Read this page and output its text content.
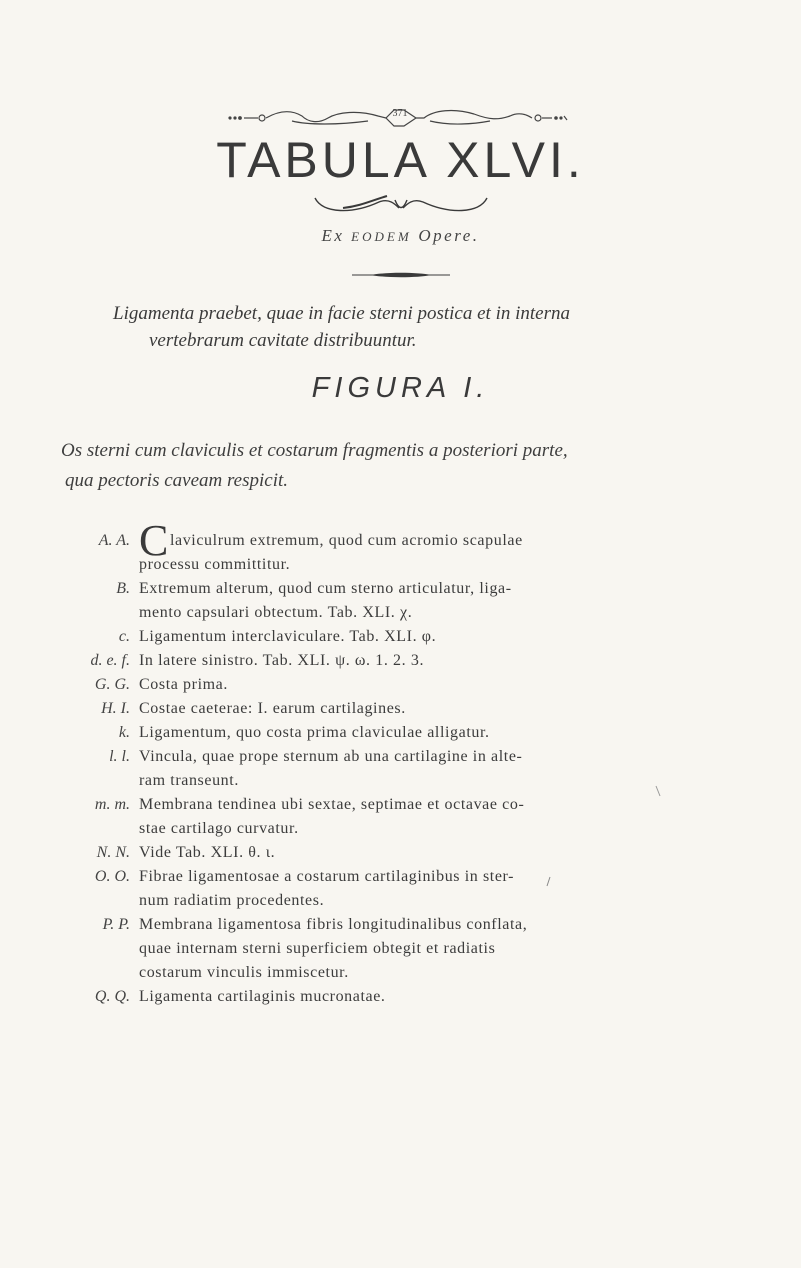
371
TABULA XLVI.
Ex EODEM Opere.
Ligamenta praebet, quae in facie sterni postica et in interna
vertebrarum cavitate distribuuntur.
FIGURA I.
Os sterni cum claviculis et costarum fragmentis a posteriori parte,
qua pectoris caveam respicit.
A. A. Claviculrum extremum, quod cum acromio scapulae
processu committitur.
B. Extremum alterum, quod cum sterno articulatur, liga-
mento capsulari obtectum. Tab. XLI. χ.
c. Ligamentum interclaviculare. Tab. XLI. φ.
d. e. f. In latere sinistro. Tab. XLI. ψ. ω. 1. 2. 3.
G. G. Costa prima.
H. I. Costae caeterae: I. earum cartilagines.
k. Ligamentum, quo costa prima claviculae alligatur.
l. l. Vincula, quae prope sternum ab una cartilagine in alte-
ram transeunt.
m. m. Membrana tendinea ubi sextae, septimae et octavae co-
stae cartilago curvatur.
N. N. Vide Tab. XLI. θ. ι.
O. O. Fibrae ligamentosae a costarum cartilaginibus in ster-
num radiatim procedentes.
P. P. Membrana ligamentosa fibris longitudinalibus conflata,
quae internam sterni superficiem obtegit et radiatis
costarum vinculis immiscetur.
Q. Q. Ligamenta cartilaginis mucronatae.
